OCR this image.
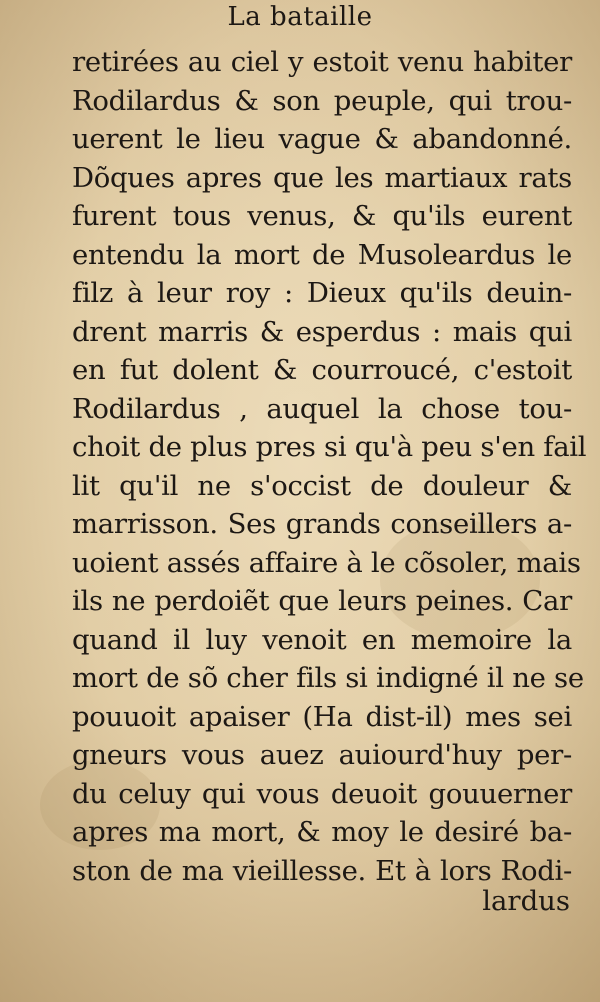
La bataille
retirées au ciel y estoit venu habiter
Rodilardus & son peuple, qui trou-
uerent le lieu vague & abandonné.
Dõques apres que les martiaux rats
furent tous venus, & qu'ils eurent
entendu la mort de Musoleardus le
filz à leur roy : Dieux qu'ils deuin-
drent marris & esperdus : mais qui
en fut dolent & courroucé, c'estoit
Rodilardus , auquel la chose tou-
choit de plus pres si qu'à peu s'en fail
lit qu'il ne s'occist de douleur &
marrisson. Ses grands conseillers a-
uoient assés affaire à le cõsoler, mais
ils ne perdoiẽt que leurs peines. Car
quand il luy venoit en memoire la
mort de sõ cher fils si indigné il ne se
pouuoit apaiser (Ha dist-il) mes sei
gneurs vous auez auiourd'huy per-
du celuy qui vous deuoit gouuerner
apres ma mort, & moy le desiré ba-
ston de ma vieillesse. Et à lors Rodi-
lardus
